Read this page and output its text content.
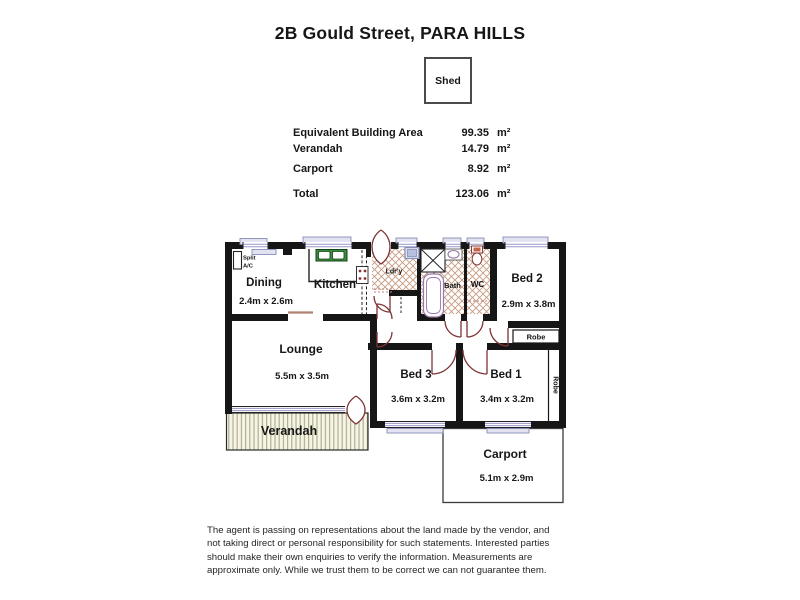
2B Gould Street, PARA HILLS
Shed
Equivalent Building Area	99.35 m²
Verandah	14.79 m²
Carport	8.92 m²
Total	123.06 m²
Split
A/C
Dining
2.4m x 2.6m
Kitchen
Ldr'y
Bath WC Bed 2
2.9m x 3.8m
Robe
Lounge
5.5m x 3.5m	Bed 3
3.6m x 3.2m
Bed 1
3.4m x 3.2m
Robe
Verandah
Carport
5.1m x 2.9m
The agent is passing on representations about the land made by the vendor, and
not taking direct or personal responsibility for such statements. Interested parties
should make their own enquiries to verify the information. Measurements are
approximate only. While we trust them to be correct we can not guarantee them.
